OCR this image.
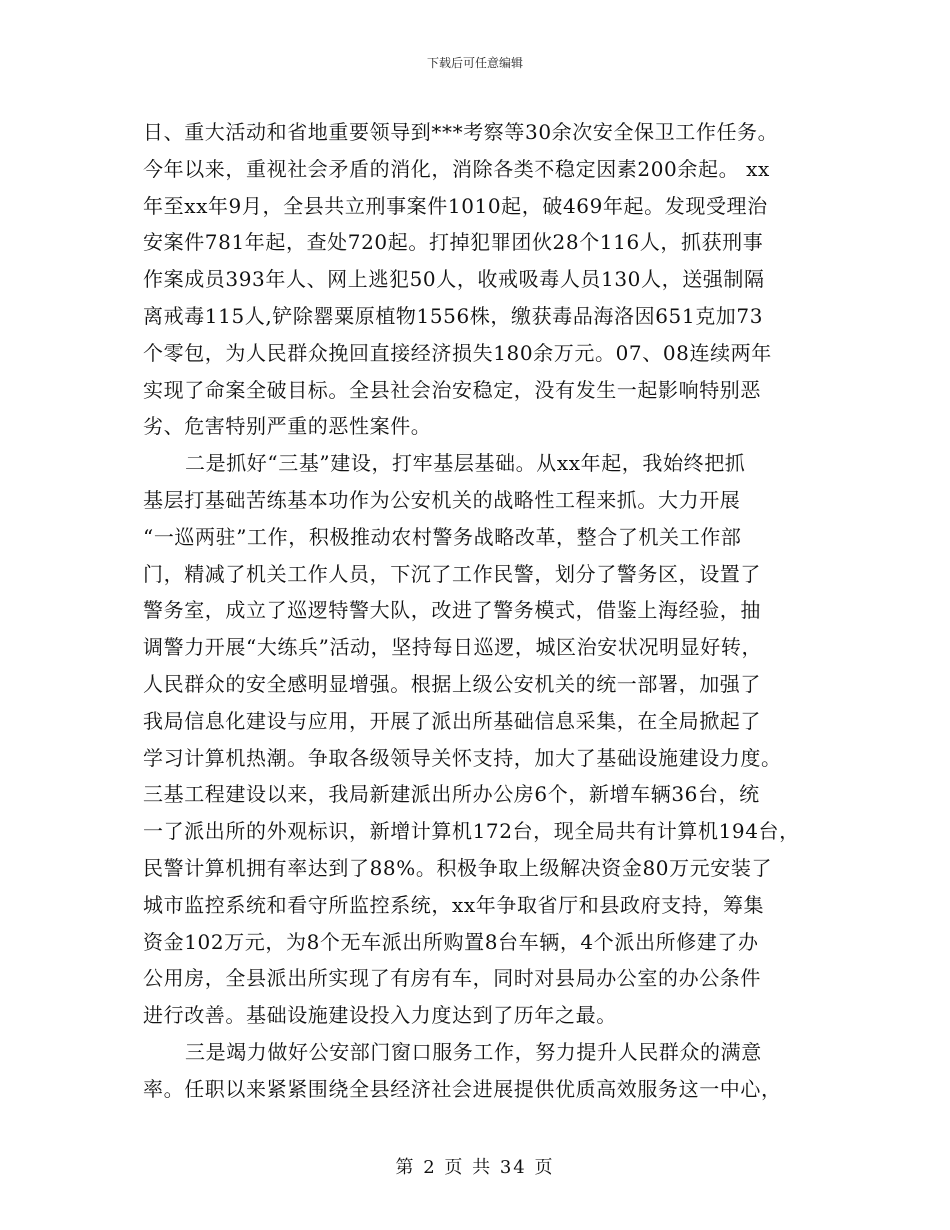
下载后可任意编辑
日、重大活动和省地重要领导到***考察等30余次安全保卫工作任务。
今年以来，重视社会矛盾的消化，消除各类不稳定因素200余起。 xx
年至xx年9月，全县共立刑事案件1010起，破469年起。发现受理治
安案件781年起，查处720起。打掉犯罪团伙28个116人，抓获刑事
作案成员393年人、网上逃犯50人，收戒吸毒人员130人，送强制隔
离戒毒115人,铲除罂粟原植物1556株，缴获毒品海洛因651克加73
个零包，为人民群众挽回直接经济损失180余万元。07、08连续两年
实现了命案全破目标。全县社会治安稳定，没有发生一起影响特别恶
劣、危害特别严重的恶性案件。
二是抓好“三基”建设，打牢基层基础。从xx年起，我始终把抓
基层打基础苦练基本功作为公安机关的战略性工程来抓。大力开展
“一巡两驻”工作，积极推动农村警务战略改革，整合了机关工作部
门，精减了机关工作人员，下沉了工作民警，划分了警务区，设置了
警务室，成立了巡逻特警大队，改进了警务模式，借鉴上海经验，抽
调警力开展“大练兵”活动，坚持每日巡逻，城区治安状况明显好转，
人民群众的安全感明显增强。根据上级公安机关的统一部署，加强了
我局信息化建设与应用，开展了派出所基础信息采集，在全局掀起了
学习计算机热潮。争取各级领导关怀支持，加大了基础设施建设力度。
三基工程建设以来，我局新建派出所办公房6个，新增车辆36台，统
一了派出所的外观标识，新增计算机172台，现全局共有计算机194台，
民警计算机拥有率达到了88%。积极争取上级解决资金80万元安装了
城市监控系统和看守所监控系统，xx年争取省厅和县政府支持，筹集
资金102万元，为8个无车派出所购置8台车辆，4个派出所修建了办
公用房，全县派出所实现了有房有车，同时对县局办公室的办公条件
进行改善。基础设施建设投入力度达到了历年之最。
三是竭力做好公安部门窗口服务工作，努力提升人民群众的满意
率。任职以来紧紧围绕全县经济社会进展提供优质高效服务这一中心，
第 2 页 共 34 页
